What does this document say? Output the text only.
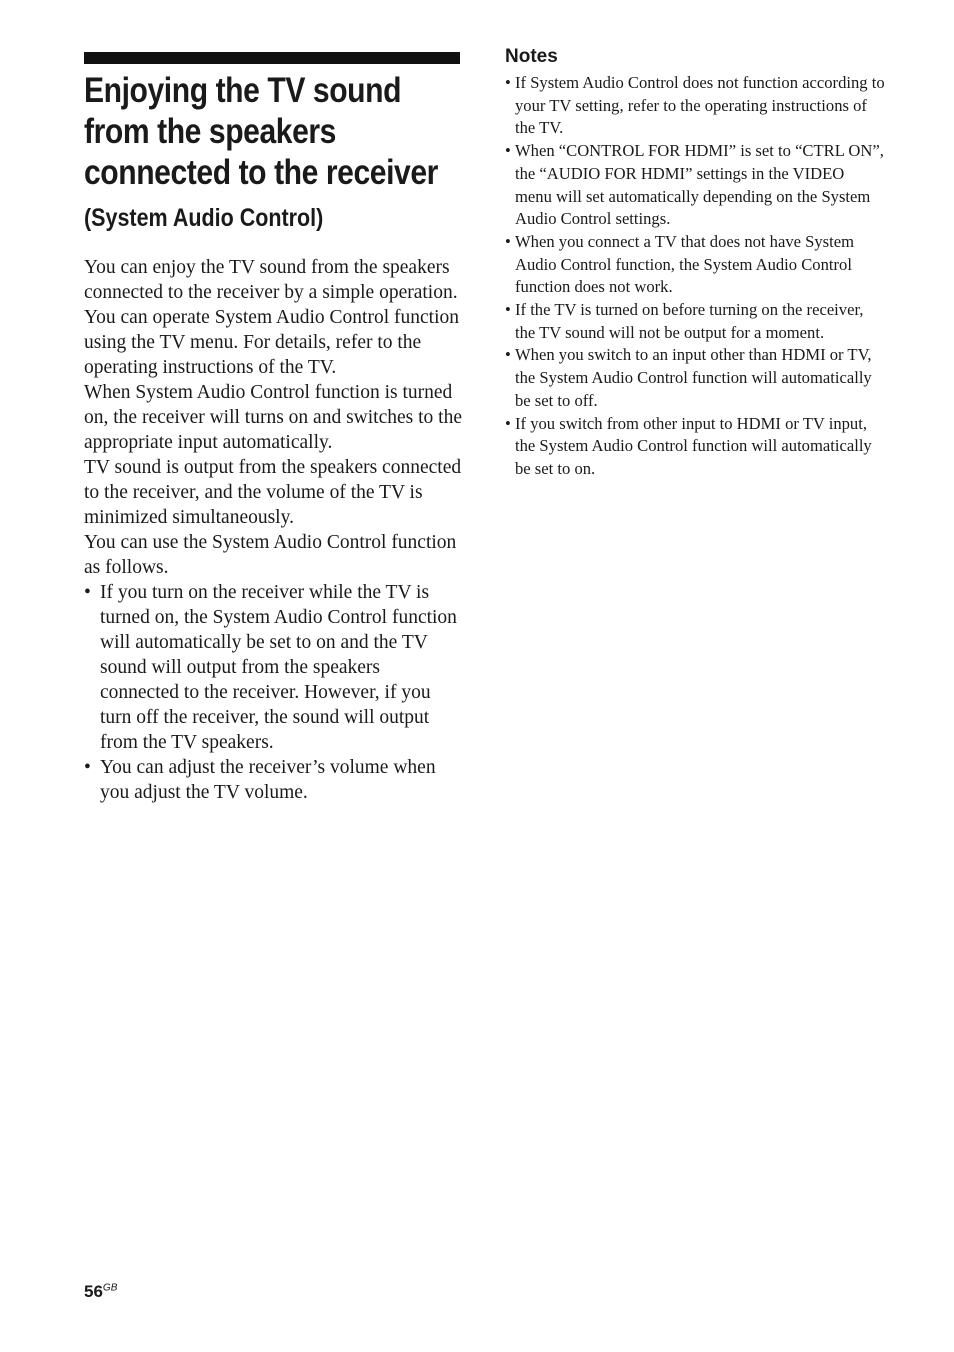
Enjoying the TV sound
from the speakers
connected to the receiver
(System Audio Control)

You can enjoy the TV sound from the speakers connected to the receiver by a simple operation.

You can operate System Audio Control function using the TV menu. For details, refer to the operating instructions of the TV.

When System Audio Control function is turned on, the receiver will turns on and switches to the appropriate input automatically.

TV sound is output from the speakers connected to the receiver, and the volume of the TV is minimized simultaneously.

You can use the System Audio Control function as follows.

• If you turn on the receiver while the TV is turned on, the System Audio Control function will automatically be set to on and the TV sound will output from the speakers connected to the receiver. However, if you turn off the receiver, the sound will output from the TV speakers.
• You can adjust the receiver’s volume when you adjust the TV volume.
Notes
• If System Audio Control does not function according to your TV setting, refer to the operating instructions of the TV.
• When “CONTROL FOR HDMI” is set to “CTRL ON”, the “AUDIO FOR HDMI” settings in the VIDEO menu will set automatically depending on the System Audio Control settings.
• When you connect a TV that does not have System Audio Control function, the System Audio Control function does not work.
• If the TV is turned on before turning on the receiver, the TV sound will not be output for a moment.
• When you switch to an input other than HDMI or TV, the System Audio Control function will automatically be set to off.
• If you switch from other input to HDMI or TV input, the System Audio Control function will automatically be set to on.
$56^{GB}$
